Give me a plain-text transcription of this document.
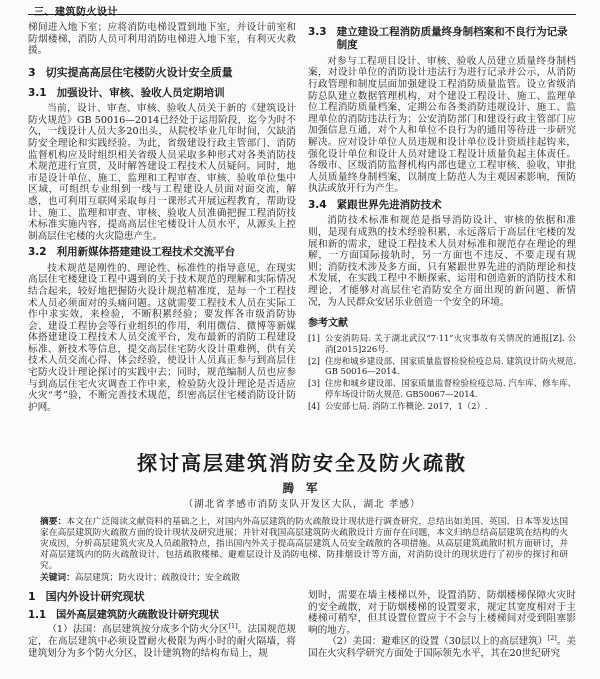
三、建筑防火设计

梯间进入地下室；应将消防电梯设置到地下室，并设计前室和防烟楼梯，消防人员可利用消防电梯进入地下室，有利灭火救援。

3 切实提高高层住宅楼防火设计安全质量
3.1 加强设计、审核、验收人员定期培训

当前，设计、审查、审核、验收人员关于新的《建筑设计防火规范》GB 50016—2014已经处于运用阶段，迄今为时不久，一线设计人员大多20出头，从院校毕业几年时间，欠缺消防安全理论和实践经验。为此，省级建设行政主管部门、消防监督机构应及时组织相关省级人员采取多种形式对各类消防技术规范进行宣贯，及时解答建设工程技术人员疑问。同时，地市是设计单位、施工、监理和工程审查、审核、验收单位集中区域，可组织专业组到一线与工程建设人员面对面交流，解惑，也可利用互联网采取每月一课形式开展远程教育，帮助设计、施工、监理和审查、审核、验收人员准确把握工程消防技术标准实施内容，提高高层住宅楼设计人员水平，从源头上控制高层住宅楼的火灾隐患产生。

3.2 利用新媒体搭建建设工程技术交流平台

技术规范是刚性的、理论性、标准性的指导意见，在现实高层住宅楼建设工程中遇到的关于技术规范的理解和实际情况结合起来，较好地把握防火设计规范精准度，是每一个工程技术人员必须面对的头痛问题。这就需要工程技术人员在实际工作中求实效，来检验，不断积累经验；要发挥各市级消防协会、建设工程协会等行业组织的作用，利用微信、微博等新媒体搭建建设工程技术人员交流平台，发布最新的消防工程建设标准、新技术等信息，提交高层住宅防火设计重难例，供有关技术人员交流心得、体会经验，使设计人员真正参与到高层住宅防火设计理论探讨的实践中去；同时，规范编制人员也应参与到高层住宅火灾调查工作中来，检验防火设计理论是否适应火灾“考”验，不断完善技术规范，织密高层住宅楼消防设计防护网。

3.3 建立建设工程消防质量终身制档案和不良行为记录制度

对参与工程项目设计、审核、验收人员建立质量终身制档案，对设计单位的消防设计违法行为进行记录并公示，从消防行政管理和制度层面加强建设工程消防质量监管。设立省级消防总队建立数据管理机构，对个建设工程设计、施工、监理单位工程消防质量档案，定期公布各类消防违规设计、施工、监理单位的消防违法行为；公安消防部门和建设行政主管部门应加强信息互通，对个人和单位不良行为的通用等待进一步研究解决。应对设计单位人员违规和设计单位设计资质挂起钩来，强化设计单位和设计人员对建设工程设计质量负起主体责任。各级市、区级消防监督机构内部也建立工程审核、验收、审批人员质量终身制档案，以制度上防范人为主观因素影响，预防执法或放开行为产生。

3.4 紧跟世界先进消防技术

消防技术标准和规范是指导消防设计、审核的依据和准则，是现有成熟的技术经验积累，永远落后于高层住宅楼的发展和新的需求，建设工程技术人员对标准和规范存在理论的理解，一方面国际接轨时，另一方面也不违反、不要走现有规则；消防技术涉及多方面，只有紧跟世界先进的消防理论和技术发展，在实践工程中不断探索、运用和创造新的消防技术和理论，才能够对高层住宅消防安全方面出现的新问题、新情况，为人民群众安居乐业创造一个安全的环境。

参考文献
[1] 公安消防局. 关于湖北武汉“7·11”火灾事故有关情况的通报[Z]. 公消[2015]226号.
[2] 住房和城乡建设部、国家质量监督检验检疫总局. 建筑设计防火规范. GB 50016—2014.
[3] 住房和城乡建设部、国家质量监督检验检疫总局. 汽车库、修车库、停车场设计防火规范. GB50067—2014.
[4] 公安部七局. 消防工作概论. 2017，1（2）.
探讨高层建筑消防安全及防火疏散
腾 军
（湖北省孝感市消防支队开发区大队，湖北 孝感）
摘要：本文在广泛阅读文献资料的基础之上，对国内外高层建筑的防火疏散设计现状进行调查研究，总结出如美国、英国、日本等发达国家在高层建筑防火疏散方面的设计现状及研究进展；并针对我国高层建筑防火疏散设计方面存在问题，本文归纳总结高层建筑在结构的火灾成因，分析高层建筑火灾及人员疏散特点，指出国内外关于提高高层建筑人员安全疏散的各项措施。从高层建筑疏散时机方面研讨，并对高层建筑内的防火疏散设计，包括疏散楼梯、避难层设计及消防电梯、防排烟设计等方面，对消防设计的现状进行了初步的探讨和研究。
关键词：高层建筑；防火设计；疏散设计；安全疏散
1 国内外设计研究现状
1.1 国外高层建筑防火疏散设计研究现状

（1）法国：高层建筑按分成多个防火分区[1]。法国规范规定，在高层建筑中必须设置耐火极限为两小时的耐火隔墙，将建筑划分为多个防火分区，设计建筑物的结构布局上，规

划时，需要在墙主楼梯以外，设置消防、防烟楼梯保障火灾时的安全疏散，对于防烟楼梯的设置要求，规定其宽度相对于主楼梯可稍窄，但其设置位置应于不会与上楼梯间对受到阻塞影响的地方。

（2）美国：避难区的设置（30层以上的高层建筑）[2]。美国在火灾科学研究方面处于国际领先水平，其在20世纪研究
